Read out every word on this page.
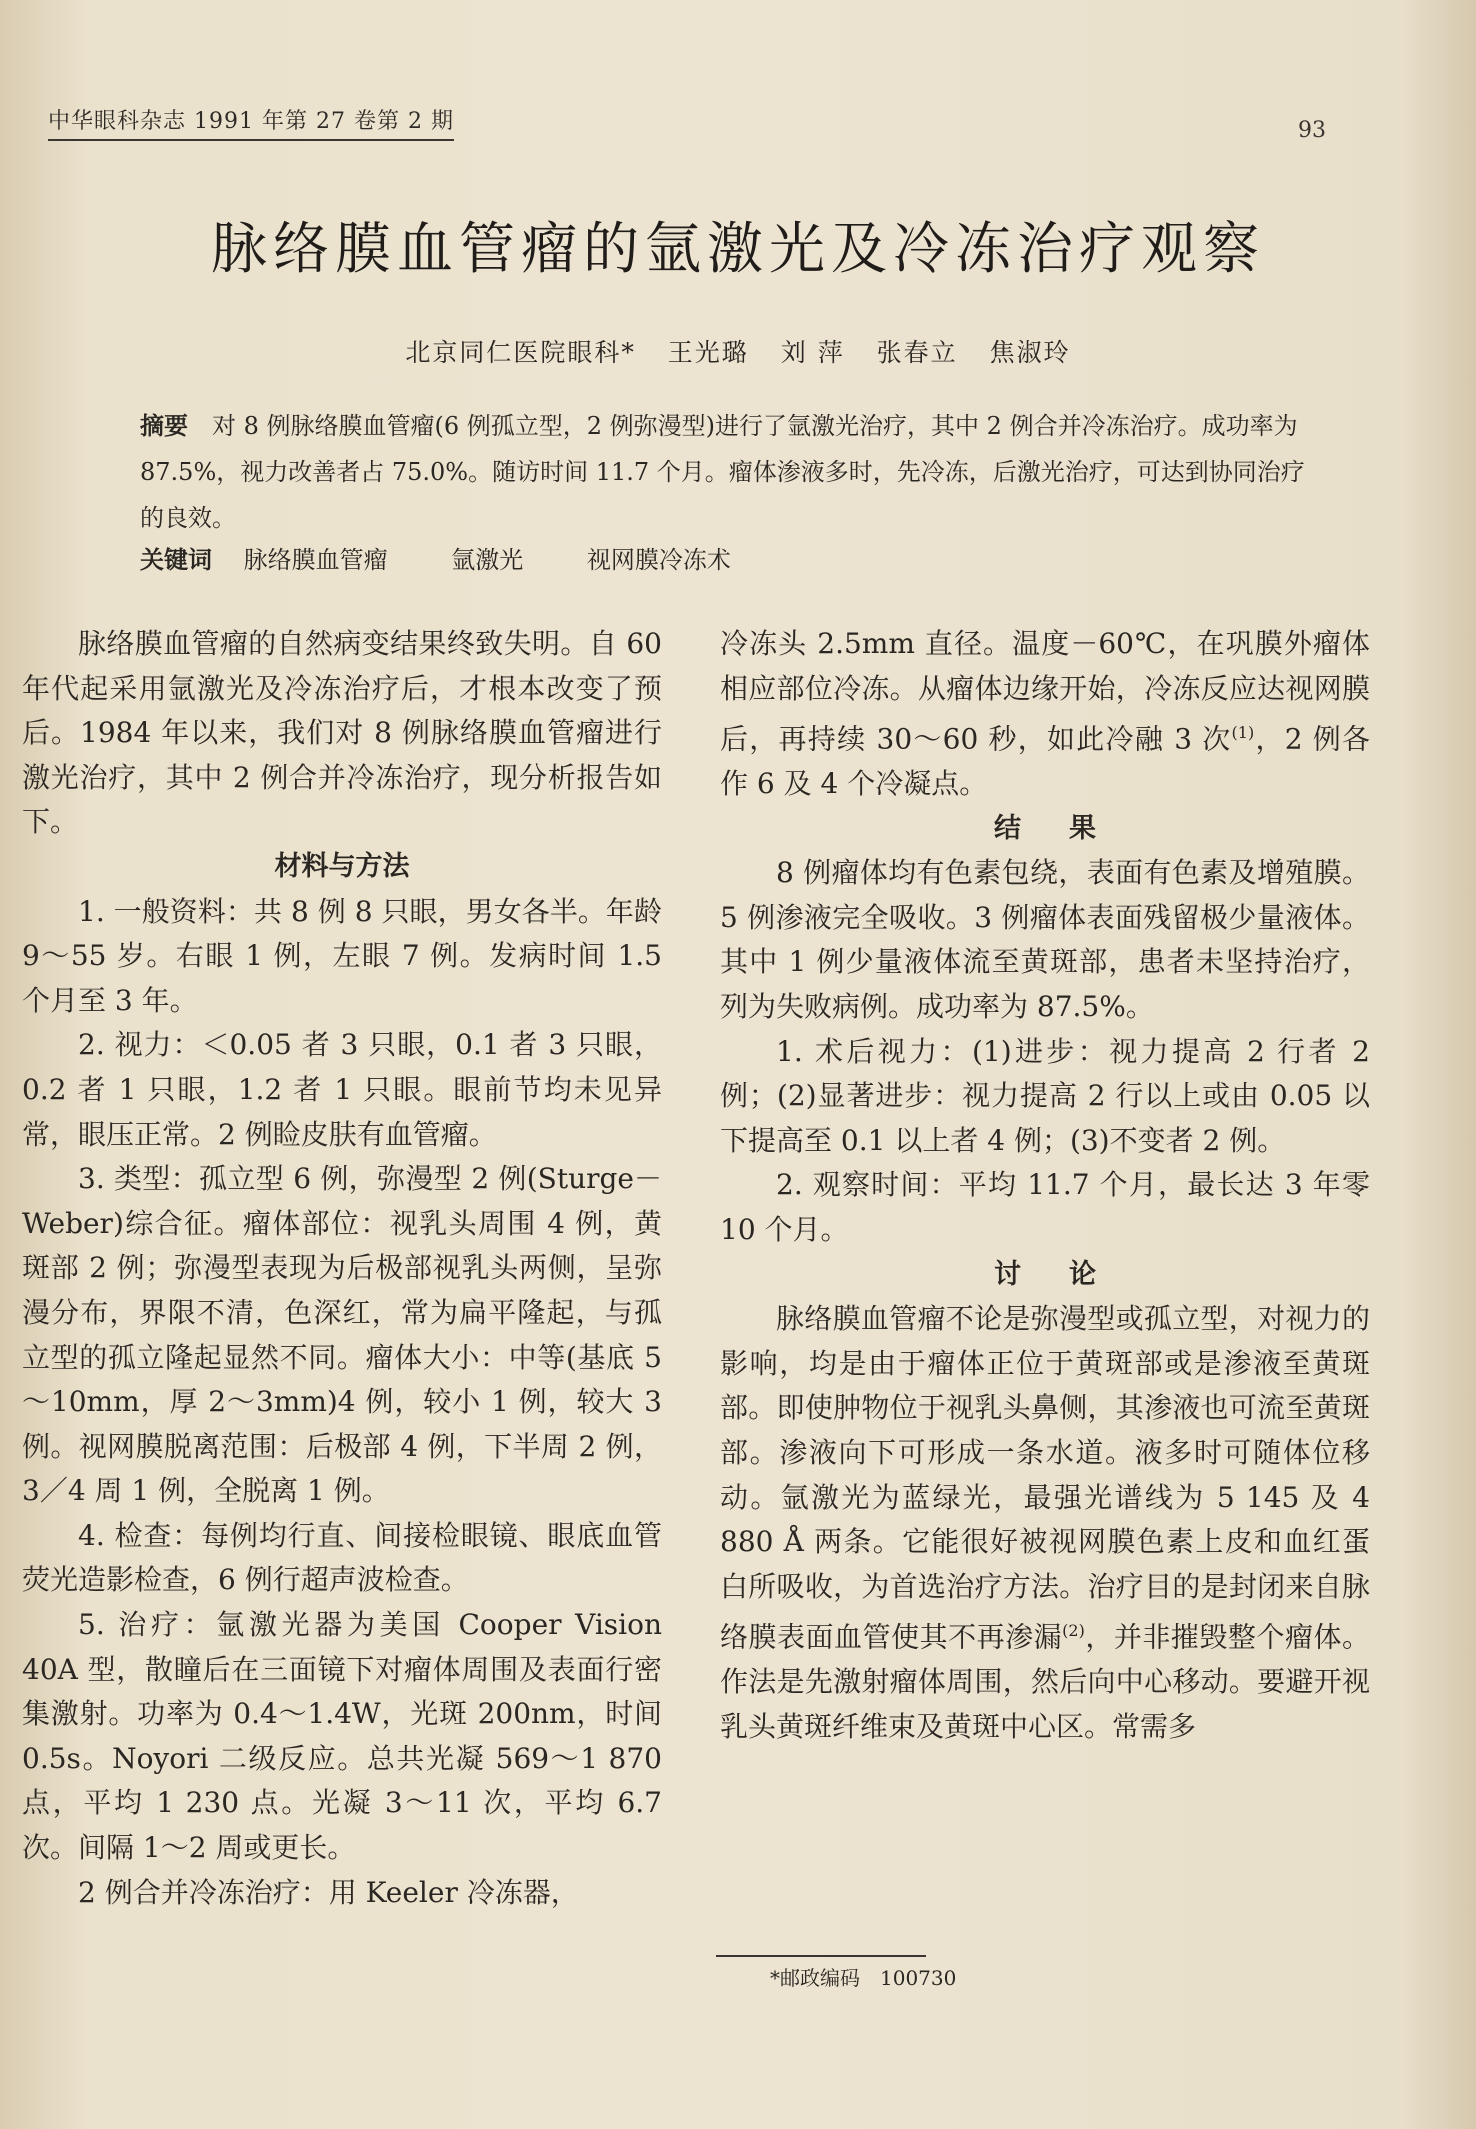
中华眼科杂志 1991 年第 27 卷第 2 期	93
脉络膜血管瘤的氩激光及冷冻治疗观察
北京同仁医院眼科* 王光璐 刘 萍 张春立 焦淑玲
摘要 对 8 例脉络膜血管瘤(6 例孤立型，2 例弥漫型)进行了氩激光治疗，其中 2 例合并冷冻治疗。成功率为 87.5%，视力改善者占 75.0%。随访时间 11.7 个月。瘤体渗液多时，先冷冻，后激光治疗，可达到协同治疗的良效。
关键词 脉络膜血管瘤	氩激光	视网膜冷冻术

脉络膜血管瘤的自然病变结果终致失明。自 60 年代起采用氩激光及冷冻治疗后，才根本改变了预后。1984 年以来，我们对 8 例脉络膜血管瘤进行激光治疗，其中 2 例合并冷冻治疗，现分析报告如下。

材料与方法

1. 一般资料：共 8 例 8 只眼，男女各半。年龄 9～55 岁。右眼 1 例，左眼 7 例。发病时间 1.5 个月至 3 年。

2. 视力：＜0.05 者 3 只眼，0.1 者 3 只眼，0.2 者 1 只眼，1.2 者 1 只眼。眼前节均未见异常，眼压正常。2 例睑皮肤有血管瘤。

3. 类型：孤立型 6 例，弥漫型 2 例(Sturge－Weber)综合征。瘤体部位：视乳头周围 4 例，黄斑部 2 例；弥漫型表现为后极部视乳头两侧，呈弥漫分布，界限不清，色深红，常为扁平隆起，与孤立型的孤立隆起显然不同。瘤体大小：中等(基底 5～10mm，厚 2～3mm)4 例，较小 1 例，较大 3 例。视网膜脱离范围：后极部 4 例，下半周 2 例，3／4 周 1 例，全脱离 1 例。

4. 检查：每例均行直、间接检眼镜、眼底血管荧光造影检查，6 例行超声波检查。

5. 治疗：氩激光器为美国 Cooper Vision 40A 型，散瞳后在三面镜下对瘤体周围及表面行密集激射。功率为 0.4～1.4W，光斑 200nm，时间 0.5s。Noyori 二级反应。总共光凝 569～1 870 点，平均 1 230 点。光凝 3～11 次，平均 6.7 次。间隔 1～2 周或更长。

2 例合并冷冻治疗：用 Keeler 冷冻器，

冷冻头 2.5mm 直径。温度－60℃，在巩膜外瘤体相应部位冷冻。从瘤体边缘开始，冷冻反应达视网膜后，再持续 30～60 秒，如此冷融 3 次$^{(1)}$，2 例各作 6 及 4 个冷凝点。

结果

8 例瘤体均有色素包绕，表面有色素及增殖膜。5 例渗液完全吸收。3 例瘤体表面残留极少量液体。其中 1 例少量液体流至黄斑部，患者未坚持治疗，列为失败病例。成功率为 87.5%。

1. 术后视力：(1)进步：视力提高 2 行者 2 例；(2)显著进步：视力提高 2 行以上或由 0.05 以下提高至 0.1 以上者 4 例；(3)不变者 2 例。

2. 观察时间：平均 11.7 个月，最长达 3 年零 10 个月。

讨论

脉络膜血管瘤不论是弥漫型或孤立型，对视力的影响，均是由于瘤体正位于黄斑部或是渗液至黄斑部。即使肿物位于视乳头鼻侧，其渗液也可流至黄斑部。渗液向下可形成一条水道。液多时可随体位移动。氩激光为蓝绿光，最强光谱线为 5 145 及 4 880 Å 两条。它能很好被视网膜色素上皮和血红蛋白所吸收，为首选治疗方法。治疗目的是封闭来自脉络膜表面血管使其不再渗漏$^{(2)}$，并非摧毁整个瘤体。作法是先激射瘤体周围，然后向中心移动。要避开视乳头黄斑纤维束及黄斑中心区。常需多

*邮政编码　100730
